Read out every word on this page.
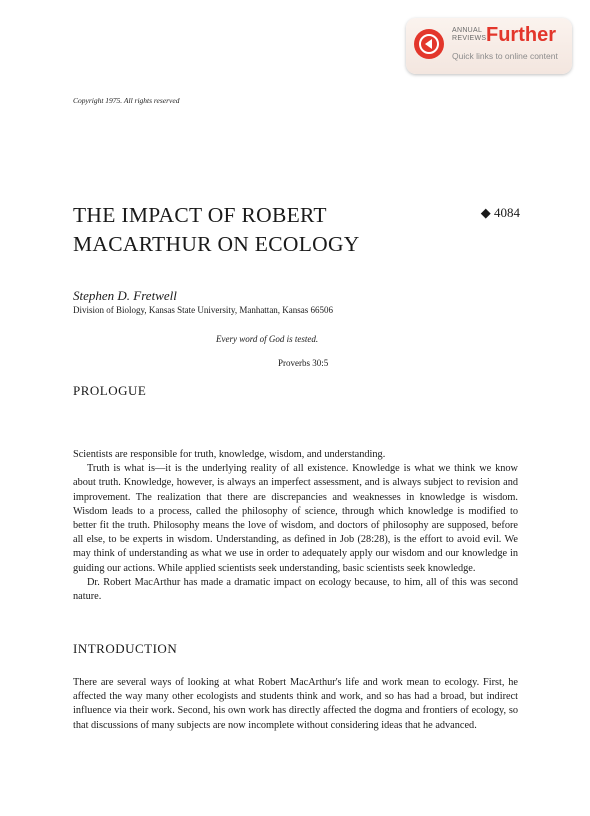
ANNUAL
REVIEWS Further
Quick links to online content
Copyright 1975. All rights reserved
THE IMPACT OF ROBERT
MACARTHUR ON ECOLOGY
◆ 4084
Stephen D. Fretwell
Division of Biology, Kansas State University, Manhattan, Kansas 66506
Every word of God is tested.
Proverbs 30:5
PROLOGUE

Scientists are responsible for truth, knowledge, wisdom, and understanding.

Truth is what is—it is the underlying reality of all existence. Knowledge is what we think we know about truth. Knowledge, however, is always an imperfect assessment, and is always subject to revision and improvement. The realization that there are discrepancies and weaknesses in knowledge is wisdom. Wisdom leads to a process, called the philosophy of science, through which knowledge is modified to better fit the truth. Philosophy means the love of wisdom, and doctors of philosophy are supposed, before all else, to be experts in wisdom. Understanding, as defined in Job (28:28), is the effort to avoid evil. We may think of understanding as what we use in order to adequately apply our wisdom and our knowledge in guiding our actions. While applied scientists seek understanding, basic scientists seek knowledge.

Dr. Robert MacArthur has made a dramatic impact on ecology because, to him, all of this was second nature.

INTRODUCTION

There are several ways of looking at what Robert MacArthur's life and work mean to ecology. First, he affected the way many other ecologists and students think and work, and so has had a broad, but indirect influence via their work. Second, his own work has directly affected the dogma and frontiers of ecology, so that discussions of many subjects are now incomplete without considering ideas that he advanced.
